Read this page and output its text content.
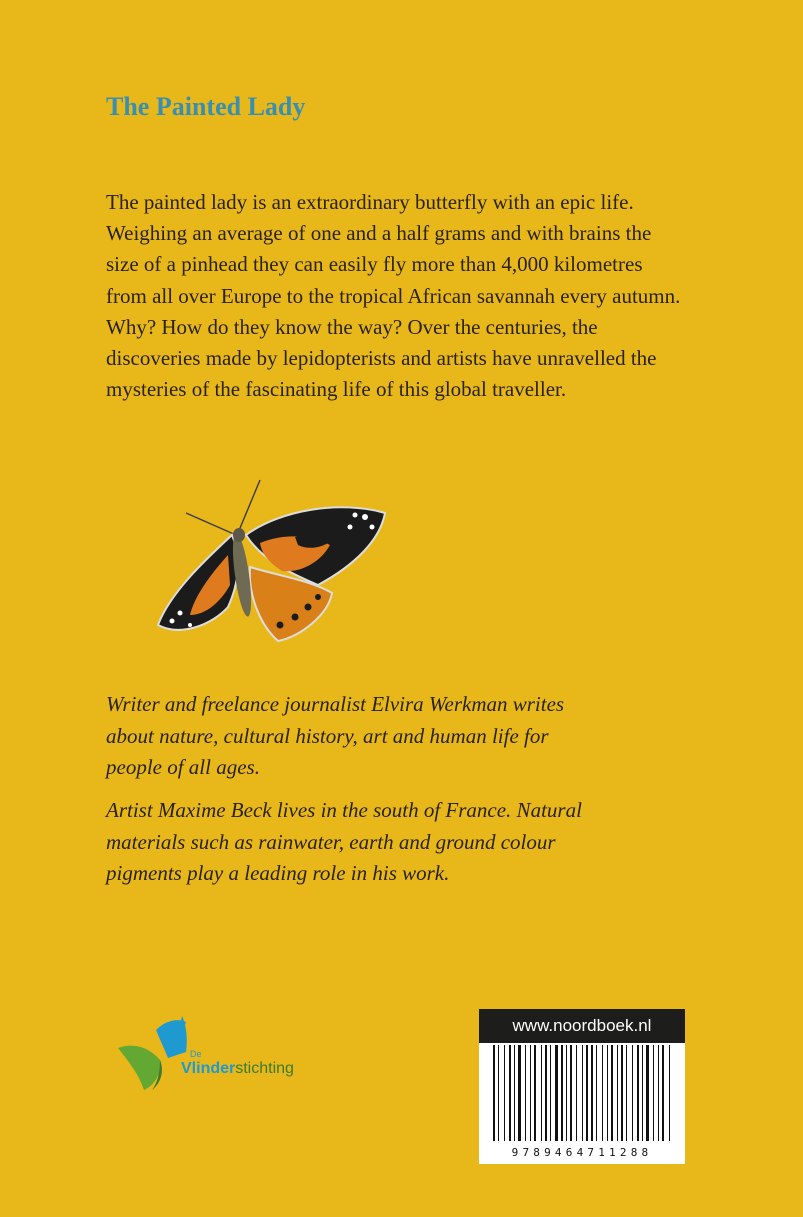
The Painted Lady

The painted lady is an extraordinary butterfly with an epic life. Weighing an average of one and a half grams and with brains the size of a pinhead they can easily fly more than 4,000 kilometres from all over Europe to the tropical African savannah every autumn. Why? How do they know the way? Over the centuries, the discoveries made by lepidopterists and artists have unravelled the mysteries of the fascinating life of this global traveller.

Writer and freelance journalist Elvira Werkman writes about nature, cultural history, art and human life for people of all ages.

Artist Maxime Beck lives in the south of France. Natural materials such as rainwater, earth and ground colour pigments play a leading role in his work.

De
Vlinderstichting
www.noordboek.nl
9789464711288
